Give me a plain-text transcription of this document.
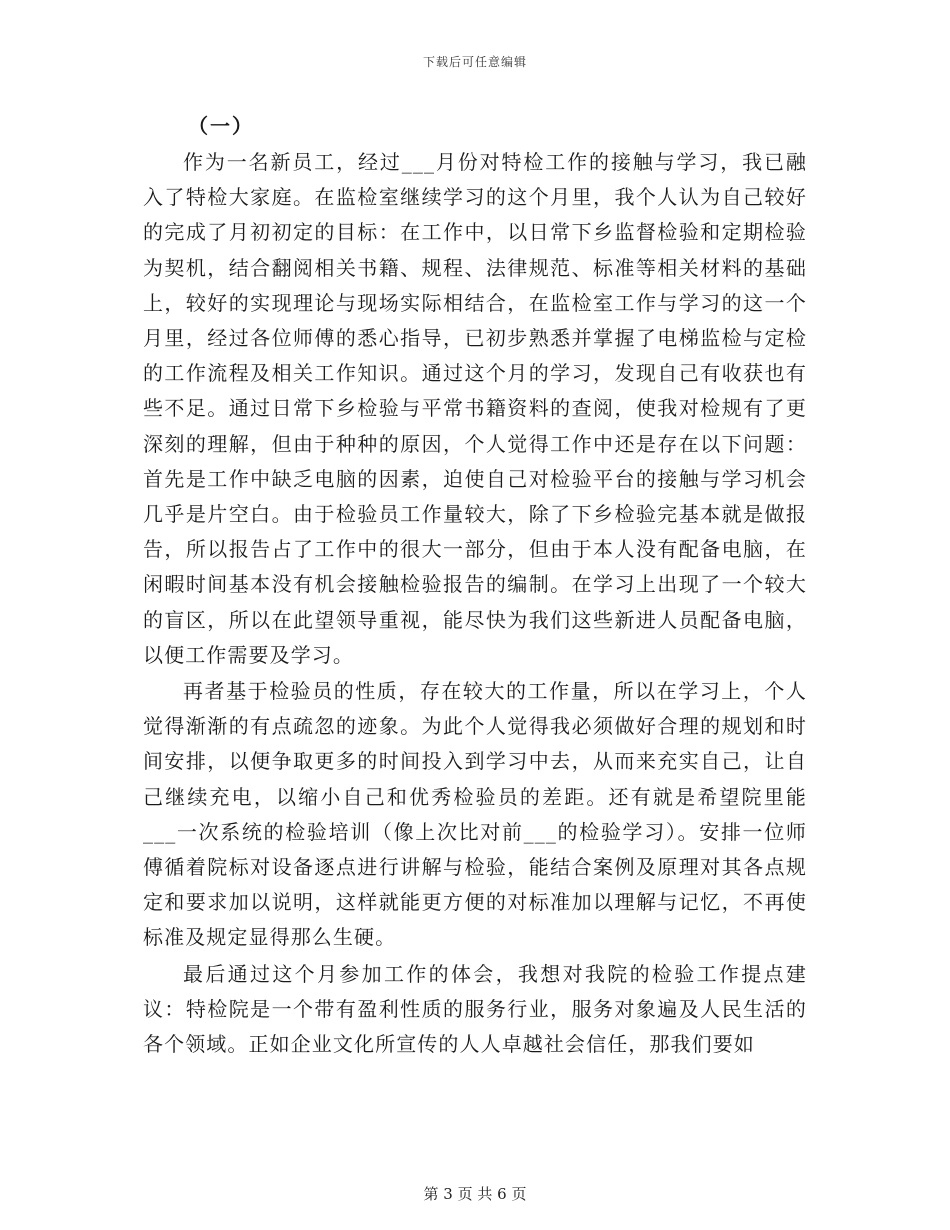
下载后可任意编辑

（一）

作为一名新员工，经过___月份对特检工作的接触与学习，我已融入了特检大家庭。在监检室继续学习的这个月里，我个人认为自己较好的完成了月初初定的目标：在工作中，以日常下乡监督检验和定期检验为契机，结合翻阅相关书籍、规程、法律规范、标准等相关材料的基础上，较好的实现理论与现场实际相结合，在监检室工作与学习的这一个月里，经过各位师傅的悉心指导，已初步熟悉并掌握了电梯监检与定检的工作流程及相关工作知识。通过这个月的学习，发现自己有收获也有些不足。通过日常下乡检验与平常书籍资料的查阅，使我对检规有了更深刻的理解，但由于种种的原因，个人觉得工作中还是存在以下问题：首先是工作中缺乏电脑的因素，迫使自己对检验平台的接触与学习机会几乎是片空白。由于检验员工作量较大，除了下乡检验完基本就是做报告，所以报告占了工作中的很大一部分，但由于本人没有配备电脑，在闲暇时间基本没有机会接触检验报告的编制。在学习上出现了一个较大的盲区，所以在此望领导重视，能尽快为我们这些新进人员配备电脑，以便工作需要及学习。

再者基于检验员的性质，存在较大的工作量，所以在学习上，个人觉得渐渐的有点疏忽的迹象。为此个人觉得我必须做好合理的规划和时间安排，以便争取更多的时间投入到学习中去，从而来充实自己，让自己继续充电，以缩小自己和优秀检验员的差距。还有就是希望院里能___一次系统的检验培训（像上次比对前___的检验学习）。安排一位师傅循着院标对设备逐点进行讲解与检验，能结合案例及原理对其各点规定和要求加以说明，这样就能更方便的对标准加以理解与记忆，不再使标准及规定显得那么生硬。

最后通过这个月参加工作的体会，我想对我院的检验工作提点建议：特检院是一个带有盈利性质的服务行业，服务对象遍及人民生活的各个领域。正如企业文化所宣传的人人卓越社会信任，那我们要如

第 3 页 共 6 页
